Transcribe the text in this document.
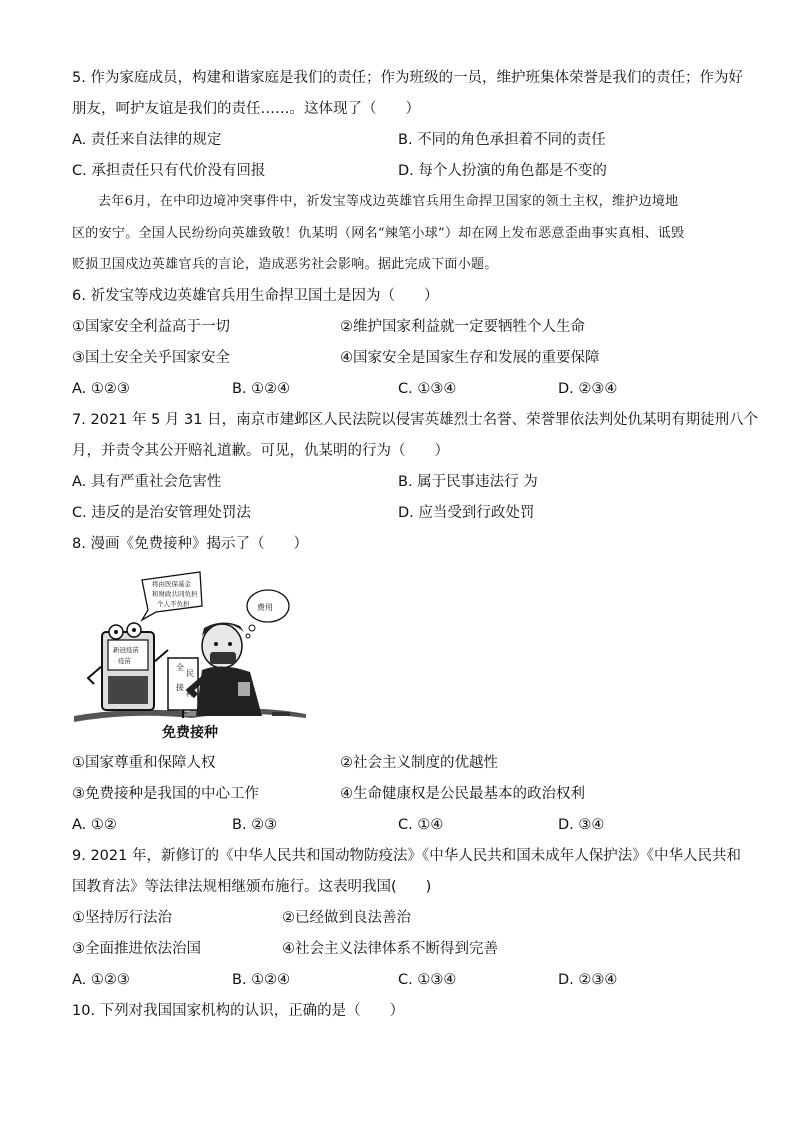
5. 作为家庭成员，构建和谐家庭是我们的责任；作为班级的一员，维护班集体荣誉是我们的责任；作为好
朋友，呵护友谊是我们的责任……。这体现了（　　）
A. 责任来自法律的规定	B. 不同的角色承担着不同的责任
C. 承担责任只有代价没有回报	D. 每个人扮演的角色都是不变的
去年6月，在中印边境冲突事件中，祈发宝等戍边英雄官兵用生命捍卫国家的领土主权，维护边境地
区的安宁。全国人民纷纷向英雄致敬！仇某明（网名“辣笔小球”）却在网上发布恶意歪曲事实真相、诋毁
贬损卫国戍边英雄官兵的言论，造成恶劣社会影响。据此完成下面小题。
6. 祈发宝等戍边英雄官兵用生命捍卫国土是因为（　　）
①国家安全利益高于一切	②维护国家利益就一定要牺牲个人生命
③国土安全关乎国家安全	④国家安全是国家生存和发展的重要保障
A. ①②③	B. ①②④	C. ①③④	D. ②③④
7. 2021 年 5 月 31 日，南京市建邺区人民法院以侵害英雄烈士名誉、荣誉罪依法判处仇某明有期徒刑八个
月，并责令其公开赔礼道歉。可见，仇某明的行为（　　）
A. 具有严重社会危害性	B. 属于民事违法行 为
C. 违反的是治安管理处罚法	D. 应当受到行政处罚
8. 漫画《免费接种》揭示了（　　）
将由医保基金
和财政共同负担
个人不负担	费用
新冠疫苗
疫苗
全
民
接
种
免费接种
①国家尊重和保障人权	②社会主义制度的优越性
③免费接种是我国的中心工作	④生命健康权是公民最基本的政治权利
A. ①②	B. ②③	C. ①④	D. ③④
9. 2021 年，新修订的《中华人民共和国动物防疫法》《中华人民共和国未成年人保护法》《中华人民共和
国教育法》等法律法规相继颁布施行。这表明我国(　　)
①坚持厉行法治	②已经做到良法善治
③全面推进依法治国	④社会主义法律体系不断得到完善
A. ①②③	B. ①②④	C. ①③④	D. ②③④
10. 下列对我国国家机构的认识，正确的是（　　）
